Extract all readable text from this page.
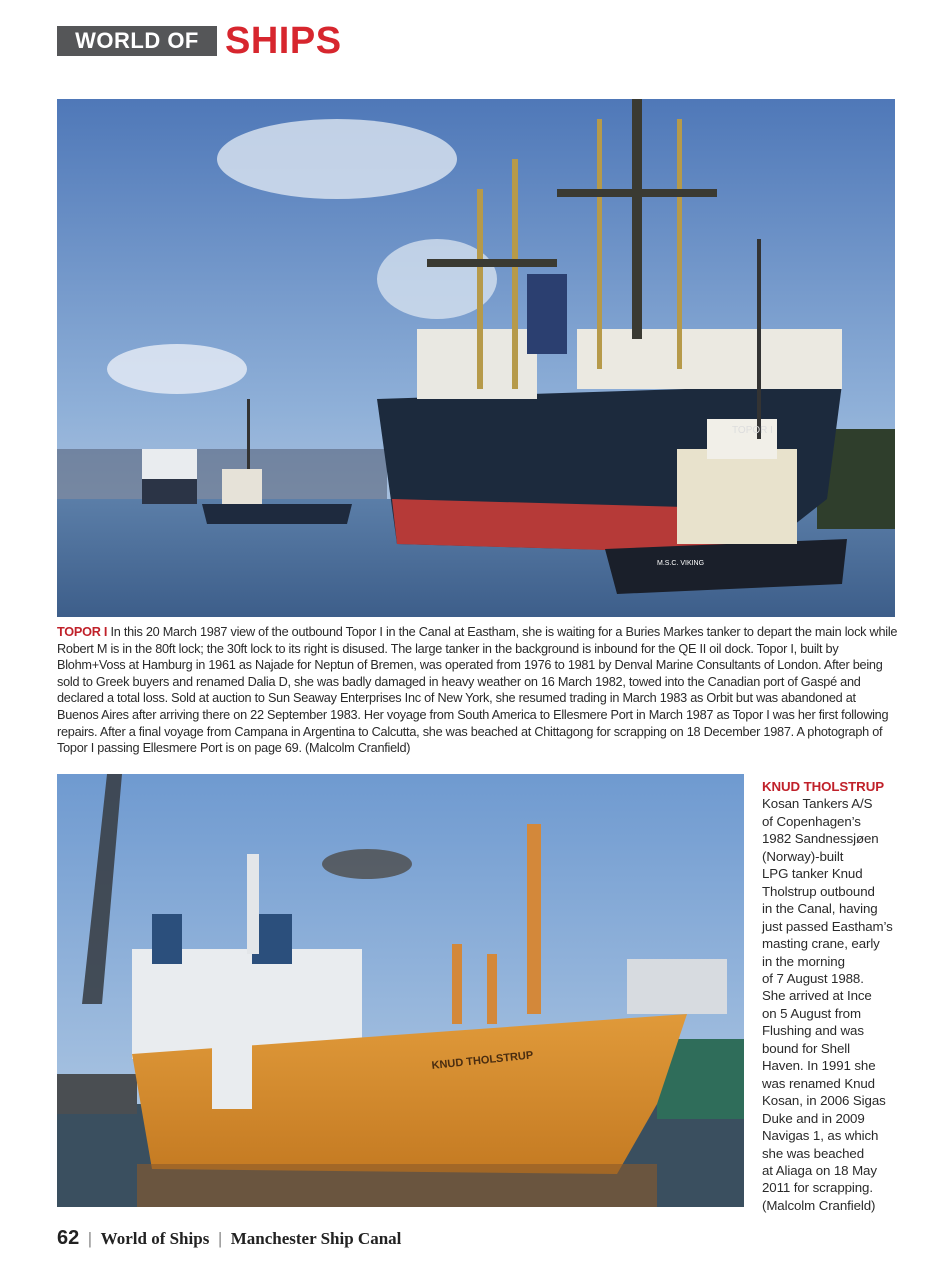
WORLD OF SHIPS
M.S.C. VIKING
TOPOR I
TOPOR I In this 20 March 1987 view of the outbound Topor I in the Canal at Eastham, she is waiting for a Buries Markes tanker to depart the main lock while Robert M is in the 80ft lock; the 30ft lock to its right is disused. The large tanker in the background is inbound for the QE II oil dock. Topor I, built by Blohm+Voss at Hamburg in 1961 as Najade for Neptun of Bremen, was operated from 1976 to 1981 by Denval Marine Consultants of London. After being sold to Greek buyers and renamed Dalia D, she was badly damaged in heavy weather on 16 March 1982, towed into the Canadian port of Gaspé and declared a total loss. Sold at auction to Sun Seaway Enterprises Inc of New York, she resumed trading in March 1983 as Orbit but was abandoned at Buenos Aires after arriving there on 22 September 1983. Her voyage from South America to Ellesmere Port in March 1987 as Topor I was her first following repairs. After a final voyage from Campana in Argentina to Calcutta, she was beached at Chittagong for scrapping on 18 December 1987. A photograph of Topor I passing Ellesmere Port is on page 69. (Malcolm Cranfield)
KNUD THOLSTRUP
KNUD THOLSTRUP
Kosan Tankers A/S
of Copenhagen’s
1982 Sandnessjøen
(Norway)-built
LPG tanker Knud
Tholstrup outbound
in the Canal, having
just passed Eastham’s
masting crane, early
in the morning
of 7 August 1988.
She arrived at Ince
on 5 August from
Flushing and was
bound for Shell
Haven. In 1991 she
was renamed Knud
Kosan, in 2006 Sigas
Duke and in 2009
Navigas 1, as which
she was beached
at Aliaga on 18 May
2011 for scrapping.
(Malcolm Cranfield)
62 | World of Ships | Manchester Ship Canal
